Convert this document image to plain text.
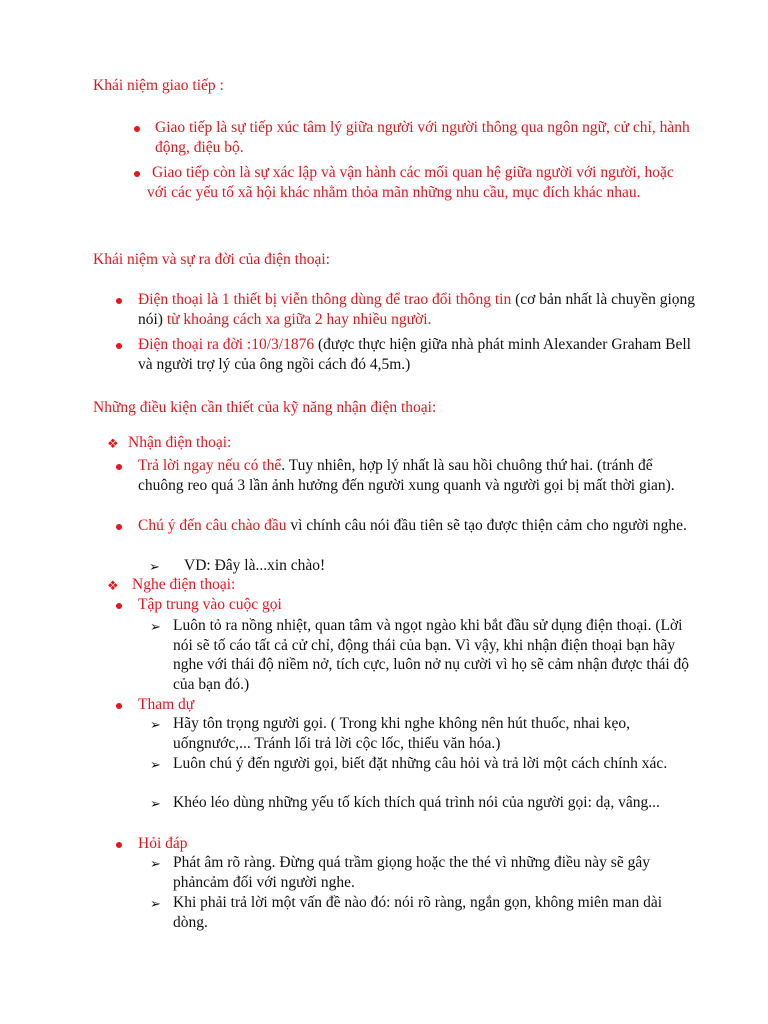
Khái niệm giao tiếp :
Giao tiếp là sự tiếp xúc tâm lý giữa người với người thông qua ngôn ngữ, cử chỉ, hành động, điệu bộ.
Giao tiếp còn là sự xác lập và vận hành các mối quan hệ giữa người với người, hoặc với các yếu tố xã hội khác nhằm thỏa mãn những nhu cầu, mục đích khác nhau.
Khái niệm và sự ra đời của điện thoại:
Điện thoại là 1 thiết bị viễn thông dùng để trao đổi thông tin (cơ bản nhất là chuyền giọng nói) từ khoảng cách xa giữa 2 hay nhiều người.
Điện thoại ra đời :10/3/1876 (được thực hiện giữa nhà phát minh Alexander Graham Bell và người trợ lý của ông ngồi cách đó 4,5m.)
Những điều kiện cần thiết của kỹ năng nhận điện thoại:
❖ Nhận điện thoại:
Trả lời ngay nếu có thể. Tuy nhiên, hợp lý nhất là sau hồi chuông thứ hai. (tránh để chuông reo quá 3 lần ảnh hưởng đến người xung quanh và người gọi bị mất thời gian).
Chú ý đến câu chào đầu vì chính câu nói đầu tiên sẽ tạo được thiện cảm cho người nghe.
➢ VD: Đây là...xin chào!
❖ Nghe điện thoại:
Tập trung vào cuộc gọi
➢ Luôn tỏ ra nồng nhiệt, quan tâm và ngọt ngào khi bắt đầu sử dụng điện thoại. (Lời nói sẽ tố cáo tất cả cử chỉ, động thái của bạn. Vì vậy, khi nhận điện thoại bạn hãy nghe với thái độ niềm nở, tích cực, luôn nở nụ cười vì họ sẽ cảm nhận được thái độ của bạn đó.)
Tham dự
➢ Hãy tôn trọng người gọi. ( Trong khi nghe không nên hút thuốc, nhai kẹo, uốngnước,... Tránh lối trả lời cộc lốc, thiếu văn hóa.)
➢ Luôn chú ý đến người gọi, biết đặt những câu hỏi và trả lời một cách chính xác.
➢ Khéo léo dùng những yếu tố kích thích quá trình nói của người gọi: dạ, vâng...
Hỏi đáp
➢ Phát âm rõ ràng. Đừng quá trầm giọng hoặc the thé vì những điều này sẽ gây phảncảm đối với người nghe.
➢ Khi phải trả lời một vấn đề nào đó: nói rõ ràng, ngắn gọn, không miên man dài dòng.
